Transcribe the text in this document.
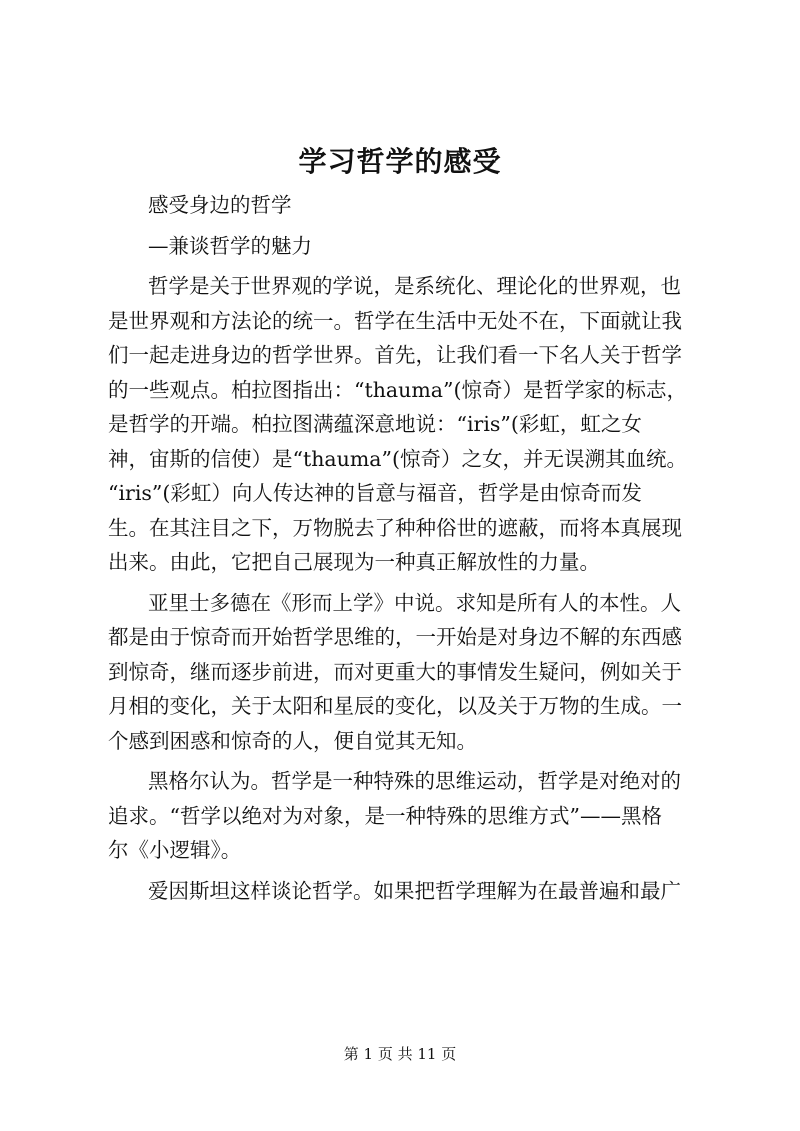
学习哲学的感受
感受身边的哲学
—兼谈哲学的魅力
哲学是关于世界观的学说，是系统化、理论化的世界观，也
是世界观和方法论的统一。哲学在生活中无处不在，下面就让我
们一起走进身边的哲学世界。首先，让我们看一下名人关于哲学
的一些观点。柏拉图指出：“thauma”(惊奇）是哲学家的标志，
是哲学的开端。柏拉图满蕴深意地说：“iris”(彩虹，虹之女
神，宙斯的信使）是“thauma”(惊奇）之女，并无误溯其血统。
“iris”(彩虹）向人传达神的旨意与福音，哲学是由惊奇而发
生。在其注目之下，万物脱去了种种俗世的遮蔽，而将本真展现
出来。由此，它把自己展现为一种真正解放性的力量。
亚里士多德在《形而上学》中说。求知是所有人的本性。人
都是由于惊奇而开始哲学思维的，一开始是对身边不解的东西感
到惊奇，继而逐步前进，而对更重大的事情发生疑问，例如关于
月相的变化，关于太阳和星辰的变化，以及关于万物的生成。一
个感到困惑和惊奇的人，便自觉其无知。
黑格尔认为。哲学是一种特殊的思维运动，哲学是对绝对的
追求。“哲学以绝对为对象，是一种特殊的思维方式”——黑格
尔《小逻辑》。
爱因斯坦这样谈论哲学。如果把哲学理解为在最普遍和最广
第 1 页 共 11 页
